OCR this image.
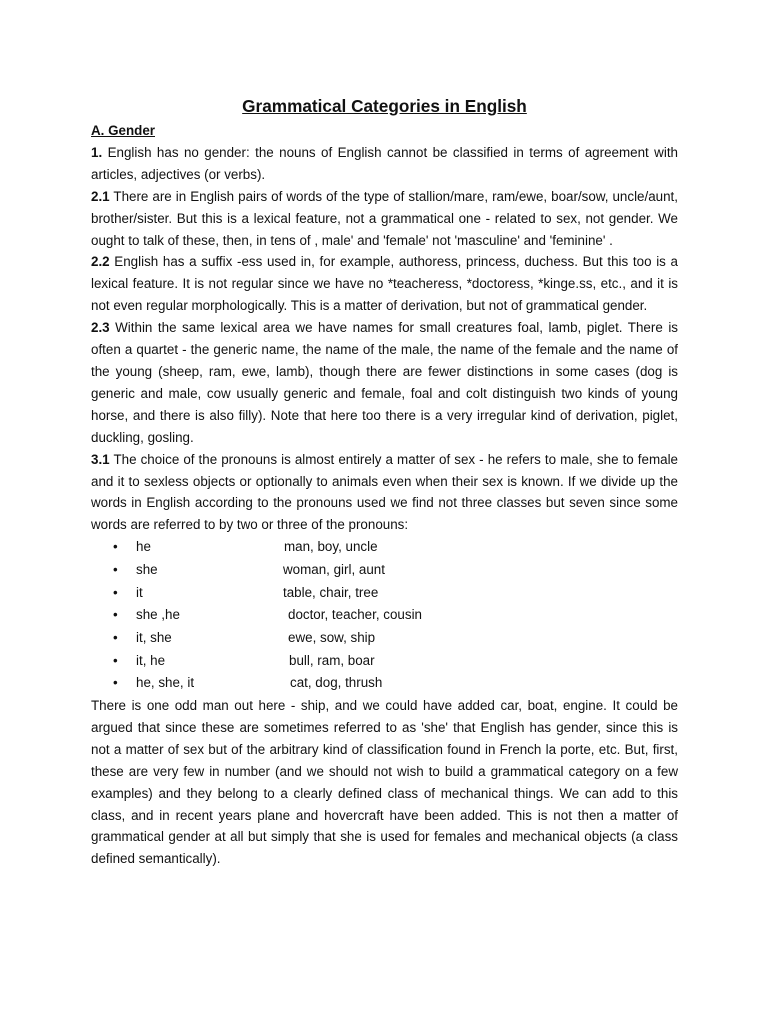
Grammatical Categories in English
A. Gender

1. English has no gender: the nouns of English cannot be classified in terms of agreement with articles, adjectives (or verbs).

2.1 There are in English pairs of words of the type of stallion/mare, ram/ewe, boar/sow, uncle/aunt, brother/sister. But this is a lexical feature, not a grammatical one - related to sex, not gender. We ought to talk of these, then, in tens of , male' and 'female' not 'masculine' and 'feminine' .

2.2 English has a suffix -ess used in, for example, authoress, princess, duchess. But this too is a lexical feature. It is not regular since we have no *teacheress, *doctoress, *kinge.ss, etc., and it is not even regular morphologically. This is a matter of derivation, but not of grammatical gender.

2.3 Within the same lexical area we have names for small creatures foal, lamb, piglet. There is often a quartet - the generic name, the name of the male, the name of the female and the name of the young (sheep, ram, ewe, lamb), though there are fewer distinctions in some cases (dog is generic and male, cow usually generic and female, foal and colt distinguish two kinds of young horse, and there is also filly). Note that here too there is a very irregular kind of derivation, piglet, duckling, gosling.

3.1 The choice of the pronouns is almost entirely a matter of sex - he refers to male, she to female and it to sexless objects or optionally to animals even when their sex is known. If we divide up the words in English according to the pronouns used we find not three classes but seven since some words are referred to by two or three of the pronouns:

• he	man, boy, uncle
• she	woman, girl, aunt
• it	table, chair, tree
• she ,he	doctor, teacher, cousin
• it, she	ewe, sow, ship
• it, he	bull, ram, boar
• he, she, it	cat, dog, thrush

There is one odd man out here - ship, and we could have added car, boat, engine. It could be argued that since these are sometimes referred to as 'she' that English has gender, since this is not a matter of sex but of the arbitrary kind of classification found in French la porte, etc. But, first, these are very few in number (and we should not wish to build a grammatical category on a few examples) and they belong to a clearly defined class of mechanical things. We can add to this class, and in recent years plane and hovercraft have been added. This is not then a matter of grammatical gender at all but simply that she is used for females and mechanical objects (a class defined semantically).
